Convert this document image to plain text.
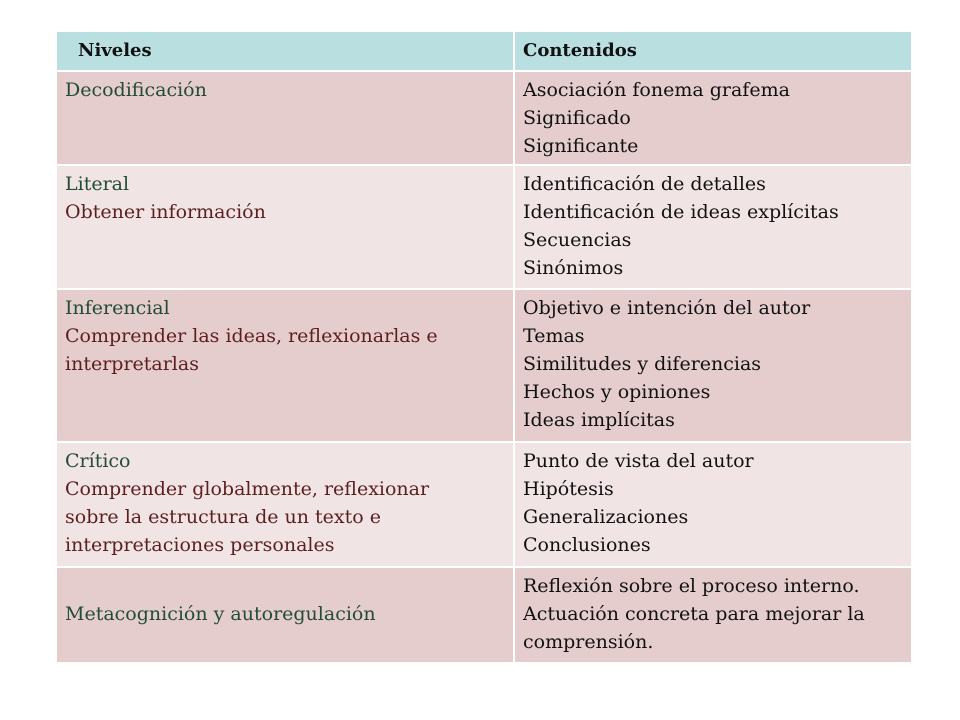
Niveles	Contenidos
Decodificación	Asociación fonema grafema
Significado
Significante
Literal
Obtener información
Identificación de detalles
Identificación de ideas explícitas
Secuencias
Sinónimos
Inferencial
Comprender las ideas, reflexionarlas e
interpretarlas
Objetivo e intención del autor
Temas
Similitudes y diferencias
Hechos y opiniones
Ideas implícitas
Crítico
Comprender globalmente, reflexionar
sobre la estructura de un texto e
interpretaciones personales
Punto de vista del autor
Hipótesis
Generalizaciones
Conclusiones
Metacognición y autoregulación
Reflexión sobre el proceso interno.
Actuación concreta para mejorar la
comprensión.
